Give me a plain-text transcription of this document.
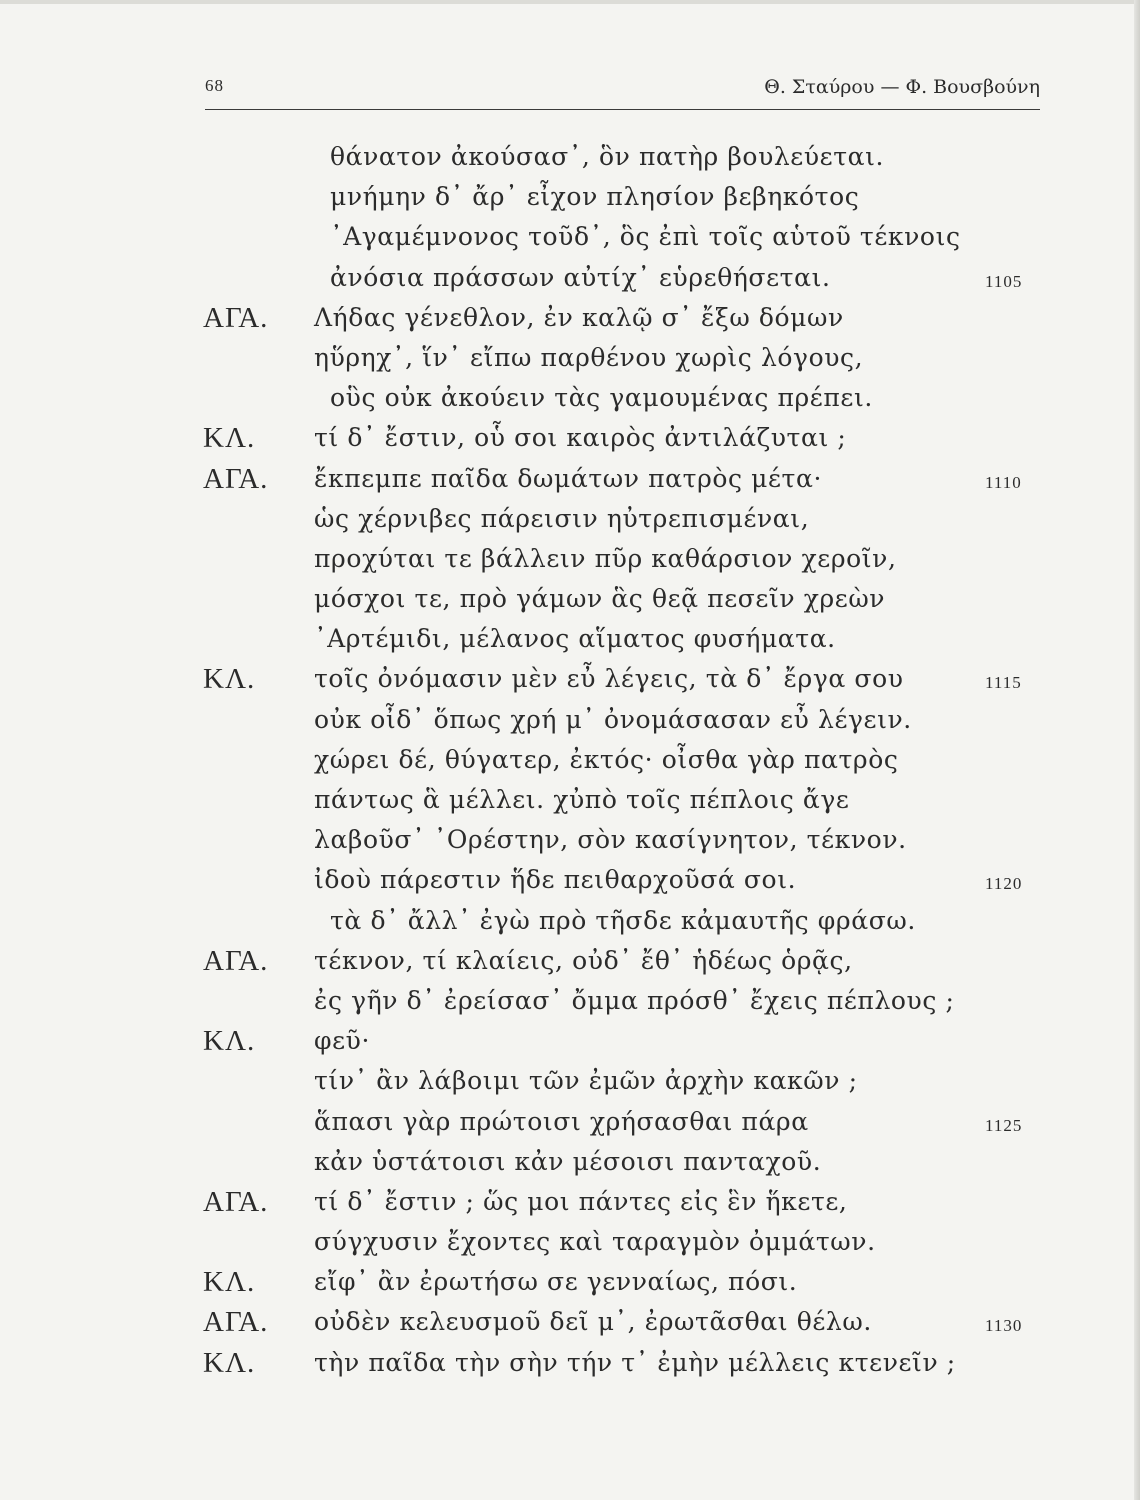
68	Θ. Σταύρου — Φ. Βουσβούνη
θάνατον ἀκούσασ᾽, ὃν πατὴρ βουλεύεται.
μνήμην δ᾽ ἄρ᾽ εἶχον πλησίον βεβηκότος
᾽Αγαμέμνονος τοῦδ᾽, ὃς ἐπὶ τοῖς αὑτοῦ τέκνοις
ἀνόσια πράσσων αὐτίχ᾽ εὑρεθήσεται.	1105
ΑΓΑ. Λήδας γένεθλον, ἐν καλῷ σ᾽ ἔξω δόμων
ηὕρηχ᾽, ἵν᾽ εἴπω παρθένου χωρὶς λόγους,
οὓς οὐκ ἀκούειν τὰς γαμουμένας πρέπει.
ΚΛ. τί δ᾽ ἔστιν, οὗ σοι καιρὸς ἀντιλάζυται ;
ΑΓΑ. ἔκπεμπε παῖδα δωμάτων πατρὸς μέτα·	1110
ὡς χέρνιβες πάρεισιν ηὐτρεπισμέναι,
προχύται τε βάλλειν πῦρ καθάρσιον χεροῖν,
μόσχοι τε, πρὸ γάμων ἃς θεᾷ πεσεῖν χρεὼν
᾽Αρτέμιδι, μέλανος αἵματος φυσήματα.
ΚΛ. τοῖς ὀνόμασιν μὲν εὖ λέγεις, τὰ δ᾽ ἔργα σου	1115
οὐκ οἶδ᾽ ὅπως χρή μ᾽ ὀνομάσασαν εὖ λέγειν.
χώρει δέ, θύγατερ, ἐκτός· οἶσθα γὰρ πατρὸς
πάντως ἃ μέλλει. χὐπὸ τοῖς πέπλοις ἄγε
λαβοῦσ᾽ ᾽Ορέστην, σὸν κασίγνητον, τέκνον.
ἰδοὺ πάρεστιν ἥδε πειθαρχοῦσά σοι.	1120
τὰ δ᾽ ἄλλ᾽ ἐγὼ πρὸ τῆσδε κἀμαυτῆς φράσω.
ΑΓΑ. τέκνον, τί κλαίεις, οὐδ᾽ ἔθ᾽ ἡδέως ὁρᾷς,
ἐς γῆν δ᾽ ἐρείσασ᾽ ὄμμα πρόσθ᾽ ἔχεις πέπλους ;
ΚΛ. φεῦ·
τίν᾽ ἂν λάβοιμι τῶν ἐμῶν ἀρχὴν κακῶν ;
ἅπασι γὰρ πρώτοισι χρήσασθαι πάρα	1125
κἀν ὑστάτοισι κἀν μέσοισι πανταχοῦ.
ΑΓΑ. τί δ᾽ ἔστιν ; ὥς μοι πάντες εἰς ἓν ἥκετε,
σύγχυσιν ἔχοντες καὶ ταραγμὸν ὀμμάτων.
ΚΛ. εἴφ᾽ ἂν ἐρωτήσω σε γενναίως, πόσι.
ΑΓΑ. οὐδὲν κελευσμοῦ δεῖ μ᾽, ἐρωτᾶσθαι θέλω.	1130
ΚΛ. τὴν παῖδα τὴν σὴν τήν τ᾽ ἐμὴν μέλλεις κτενεῖν ;
